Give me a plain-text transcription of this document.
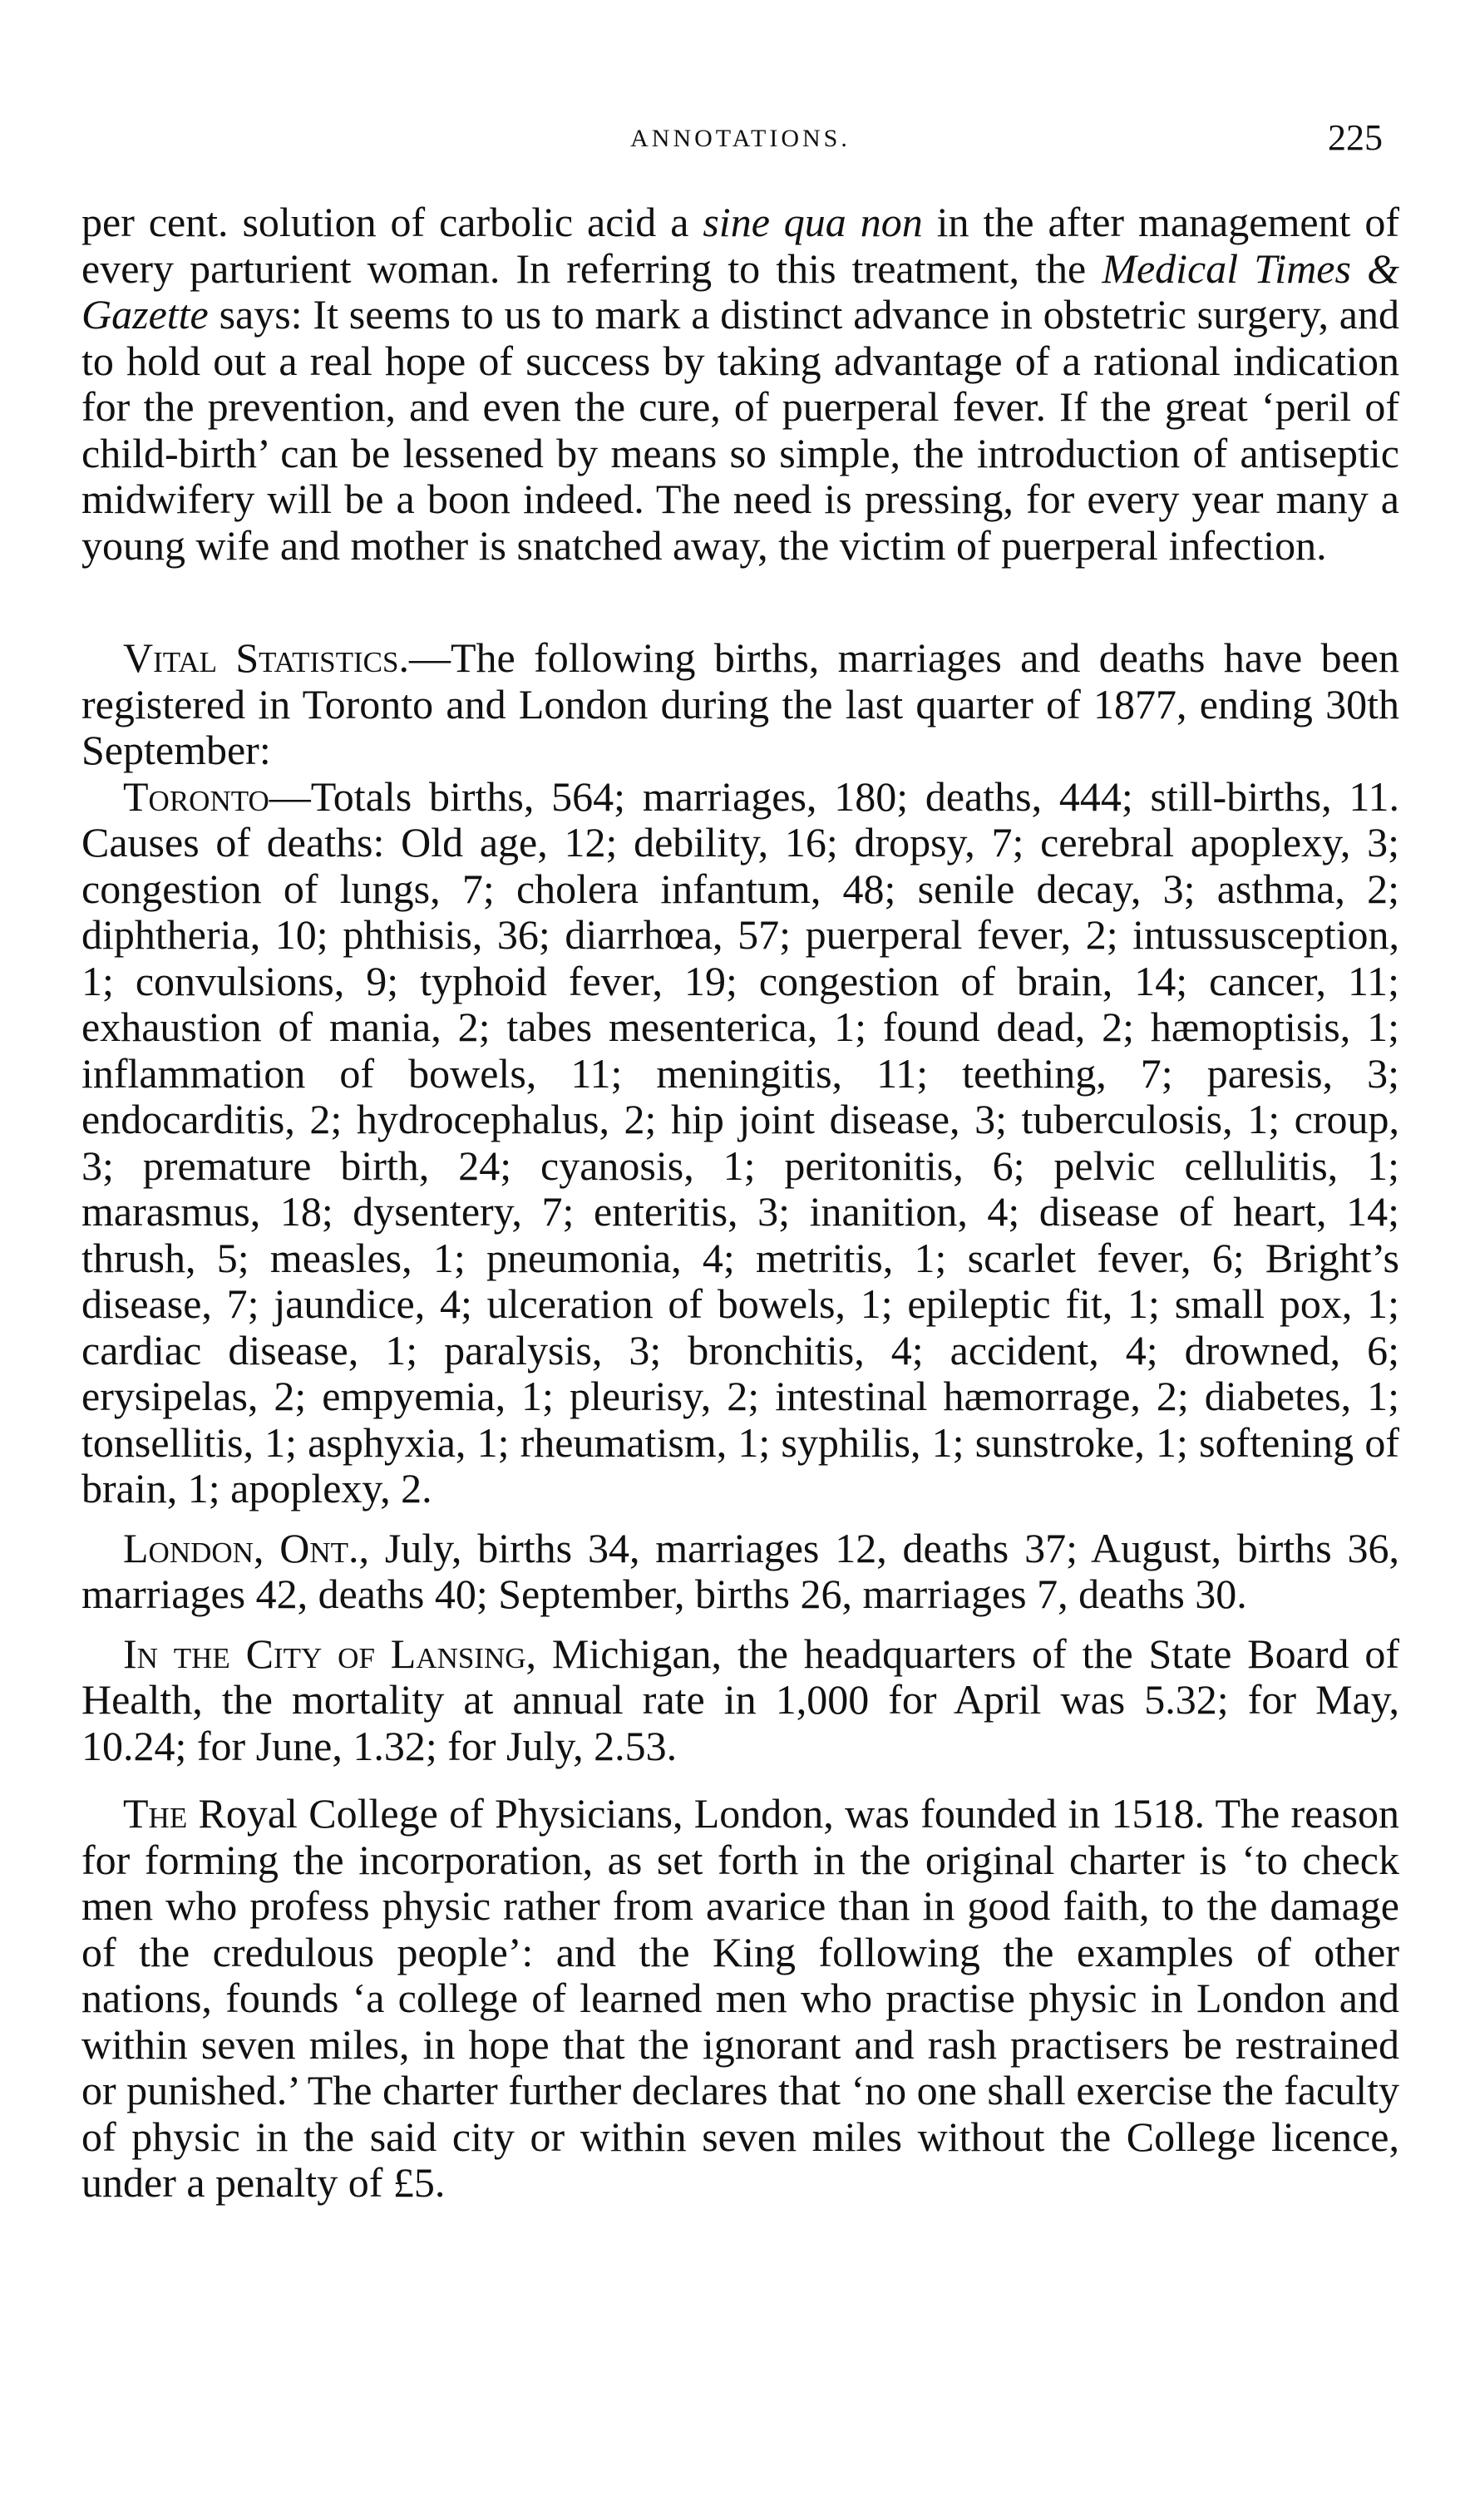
ANNOTATIONS.	225

per cent. solution of carbolic acid a sine qua non in the after management of every parturient woman. In referring to this treatment, the Medical Times & Gazette says: It seems to us to mark a distinct advance in obstetric surgery, and to hold out a real hope of success by taking advantage of a rational indication for the prevention, and even the cure, of puerperal fever. If the great ‘peril of child-birth’ can be lessened by means so simple, the introduction of antiseptic midwifery will be a boon indeed. The need is pressing, for every year many a young wife and mother is snatched away, the victim of puerperal infection.

Vital Statistics.—The following births, marriages and deaths have been registered in Toronto and London during the last quarter of 1877, ending 30th September:

Toronto—Totals births, 564; marriages, 180; deaths, 444; still-births, 11. Causes of deaths: Old age, 12; debility, 16; dropsy, 7; cerebral apoplexy, 3; congestion of lungs, 7; cholera infantum, 48; senile decay, 3; asthma, 2; diphtheria, 10; phthisis, 36; diarrhœa, 57; puerperal fever, 2; intussusception, 1; convulsions, 9; typhoid fever, 19; congestion of brain, 14; cancer, 11; exhaustion of mania, 2; tabes mesenterica, 1; found dead, 2; hæmoptisis, 1; inflammation of bowels, 11; meningitis, 11; teething, 7; paresis, 3; endocarditis, 2; hydrocephalus, 2; hip joint disease, 3; tuberculosis, 1; croup, 3; premature birth, 24; cyanosis, 1; peritonitis, 6; pelvic cellulitis, 1; marasmus, 18; dysentery, 7; enteritis, 3; inanition, 4; disease of heart, 14; thrush, 5; measles, 1; pneumonia, 4; metritis, 1; scarlet fever, 6; Bright’s disease, 7; jaundice, 4; ulceration of bowels, 1; epileptic fit, 1; small pox, 1; cardiac disease, 1; paralysis, 3; bronchitis, 4; accident, 4; drowned, 6; erysipelas, 2; empyemia, 1; pleurisy, 2; intestinal hæmorrage, 2; diabetes, 1; tonsellitis, 1; asphyxia, 1; rheumatism, 1; syphilis, 1; sunstroke, 1; softening of brain, 1; apoplexy, 2.

London, Ont., July, births 34, marriages 12, deaths 37; August, births 36, marriages 42, deaths 40; September, births 26, marriages 7, deaths 30.

In the City of Lansing, Michigan, the headquarters of the State Board of Health, the mortality at annual rate in 1,000 for April was 5.32; for May, 10.24; for June, 1.32; for July, 2.53.

The Royal College of Physicians, London, was founded in 1518. The reason for forming the incorporation, as set forth in the original charter is ‘to check men who profess physic rather from avarice than in good faith, to the damage of the credulous people’: and the King following the examples of other nations, founds ‘a college of learned men who practise physic in London and within seven miles, in hope that the ignorant and rash practisers be restrained or punished.’ The charter further declares that ‘no one shall exercise the faculty of physic in the said city or within seven miles without the College licence, under a penalty of £5.
